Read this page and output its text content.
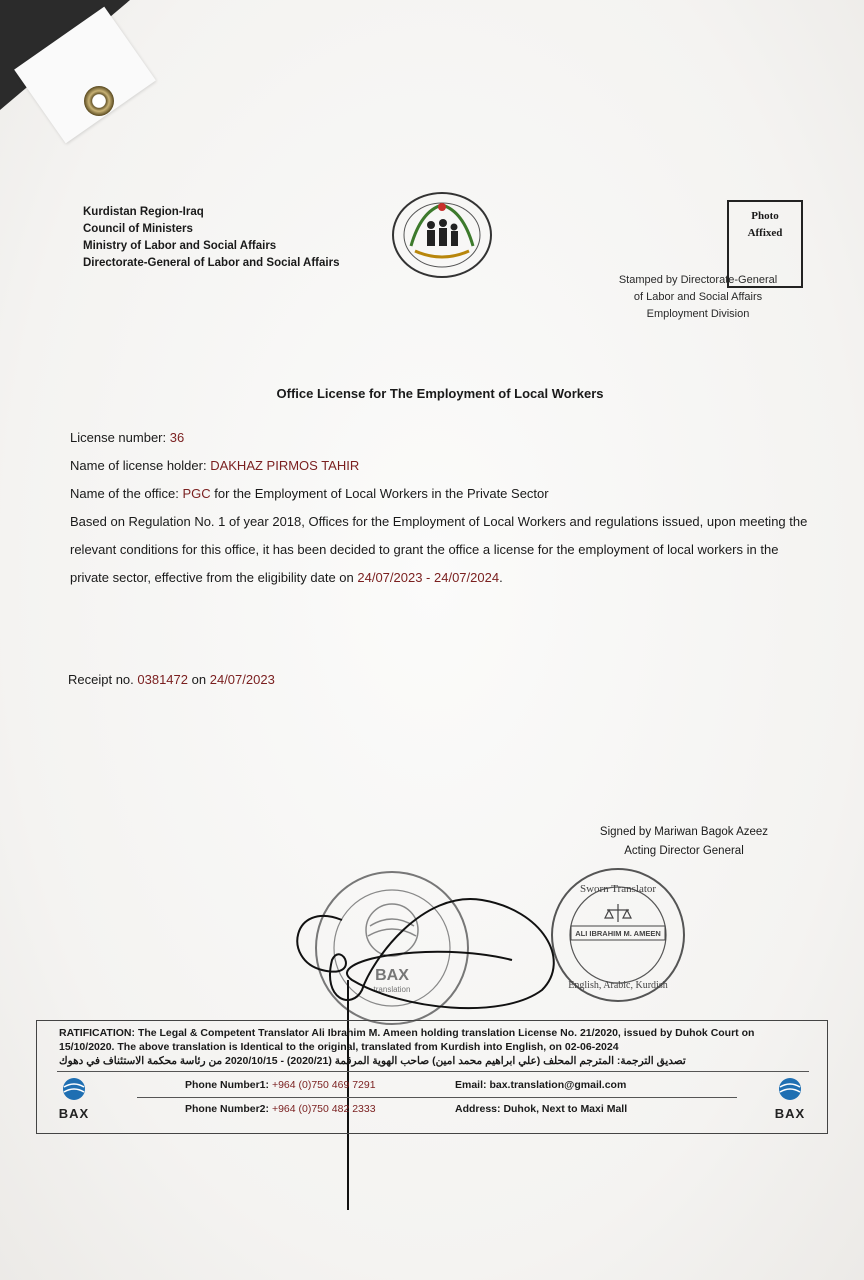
Kurdistan Region-Iraq
Council of Ministers
Ministry of Labor and Social Affairs
Directorate-General of Labor and Social Affairs
Photo
Affixed
Stamped by Directorate-General
of Labor and Social Affairs
Employment Division
Office License for The Employment of Local Workers
License number: 36
Name of license holder: DAKHAZ PIRMOS TAHIR
Name of the office: PGC for the Employment of Local Workers in the Private Sector
Based on Regulation No. 1 of year 2018, Offices for the Employment of Local Workers and regulations issued, upon meeting the relevant conditions for this office, it has been decided to grant the office a license for the employment of local workers in the private sector, effective from the eligibility date on 24/07/2023 - 24/07/2024.
Receipt no. 0381472 on 24/07/2023
Signed by Mariwan Bagok Azeez
Acting Director General
BAX
translation
Sworn Translator
ALI IBRAHIM M. AMEEN
English, Arabic, Kurdish
RATIFICATION: The Legal & Competent Translator Ali Ibrahim M. Ameen holding translation License No. 21/2020, issued by Duhok Court on 15/10/2020. The above translation is Identical to the original, translated from Kurdish into English, on 02-06-2024
تصديق الترجمة: المترجم المحلف (علي ابراهيم محمد امين) صاحب الهوية المرقمة (2020/21) - 2020/10/15 من رئاسة محكمة الاستئناف في دهوك
BAX
Phone Number1: +964 (0)750 469 7291
Phone Number2: +964 (0)750 482 2333
Email: bax.translation@gmail.com
Address: Duhok, Next to Maxi Mall	BAX
